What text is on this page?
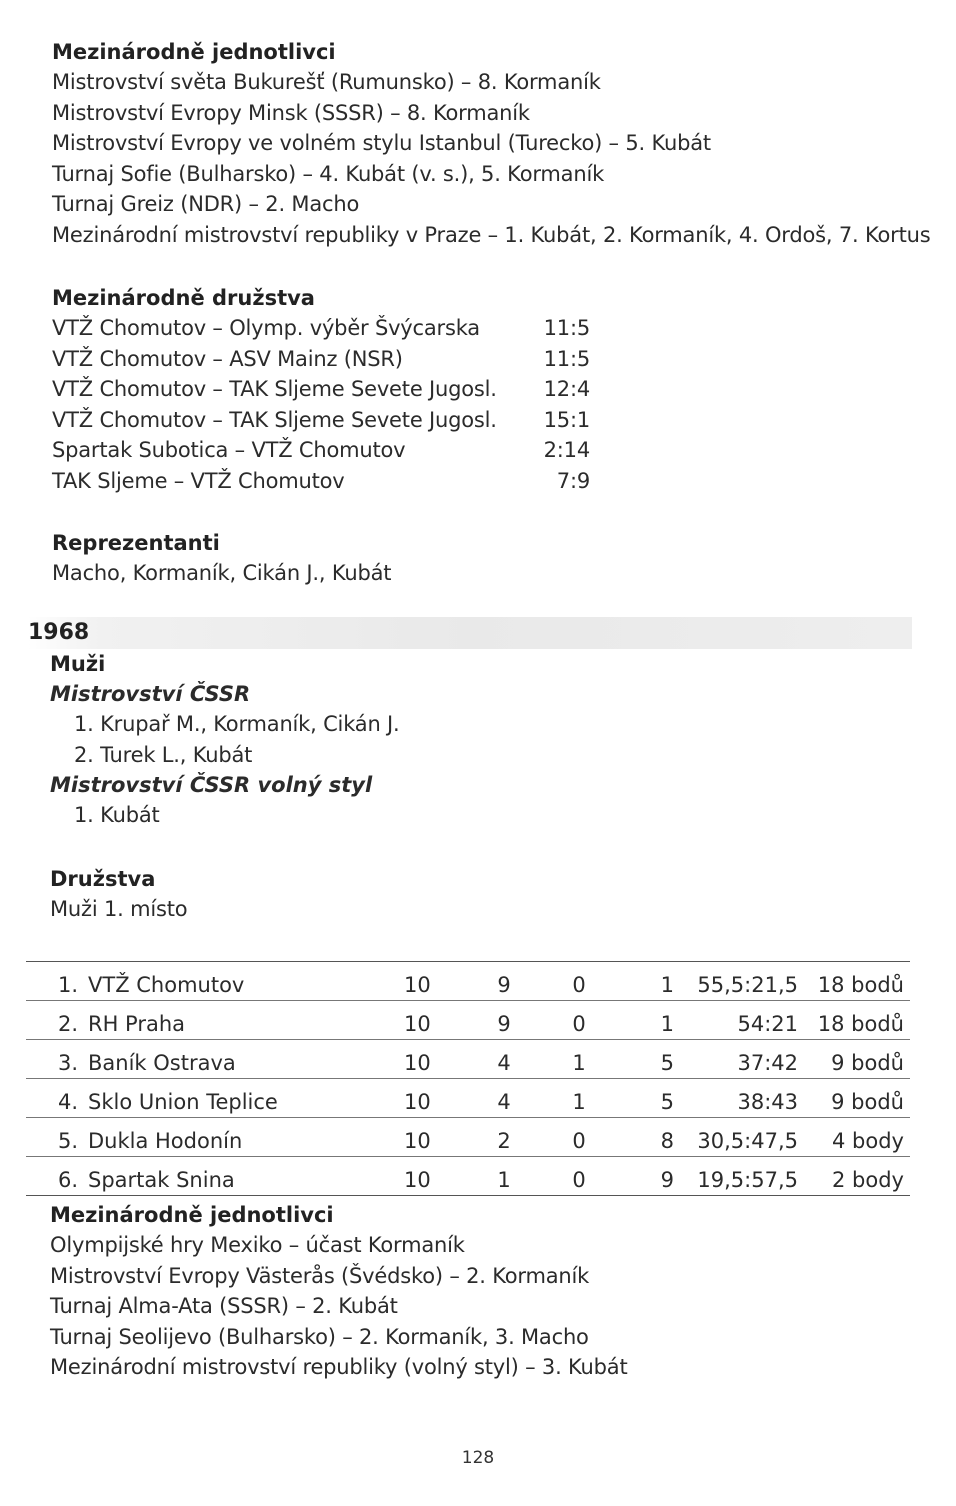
Mezinárodně jednotlivci

Mistrovství světa Bukurešť (Rumunsko) – 8. Kormaník

Mistrovství Evropy Minsk (SSSR) – 8. Kormaník

Mistrovství Evropy ve volném stylu Istanbul (Turecko) – 5. Kubát

Turnaj Sofie (Bulharsko) – 4. Kubát (v. s.), 5. Kormaník

Turnaj Greiz (NDR) – 2. Macho

Mezinárodní mistrovství republiky v Praze – 1. Kubát, 2. Kormaník, 4. Ordoš, 7. Kortus

Mezinárodně družstva

VTŽ Chomutov – Olymp. výběr Švýcarska	11:5
VTŽ Chomutov – ASV Mainz (NSR)	11:5
VTŽ Chomutov – TAK Sljeme Sevete Jugosl.	12:4
VTŽ Chomutov – TAK Sljeme Sevete Jugosl.	15:1
Spartak Subotica – VTŽ Chomutov	2:14
TAK Sljeme – VTŽ Chomutov	7:9

Reprezentanti

Macho, Kormaník, Cikán J., Kubát

1968

Muži

Mistrovství ČSSR

1. Krupař M., Kormaník, Cikán J.

2. Turek L., Kubát

Mistrovství ČSSR volný styl

1. Kubát

Družstva

Muži 1. místo

1.	VTŽ Chomutov	10	9	0	1	55,5:21,5	18 bodů
2.	RH Praha	10	9	0	1	54:21	18 bodů
3.	Baník Ostrava	10	4	1	5	37:42	9 bodů
4.	Sklo Union Teplice	10	4	1	5	38:43	9 bodů
5.	Dukla Hodonín	10	2	0	8	30,5:47,5	4 body
6.	Spartak Snina	10	1	0	9	19,5:57,5	2 body

Mezinárodně jednotlivci

Olympijské hry Mexiko – účast Kormaník

Mistrovství Evropy Västerås (Švédsko) – 2. Kormaník

Turnaj Alma-Ata (SSSR) – 2. Kubát

Turnaj Seolijevo (Bulharsko) – 2. Kormaník, 3. Macho

Mezinárodní mistrovství republiky (volný styl) – 3. Kubát

128
